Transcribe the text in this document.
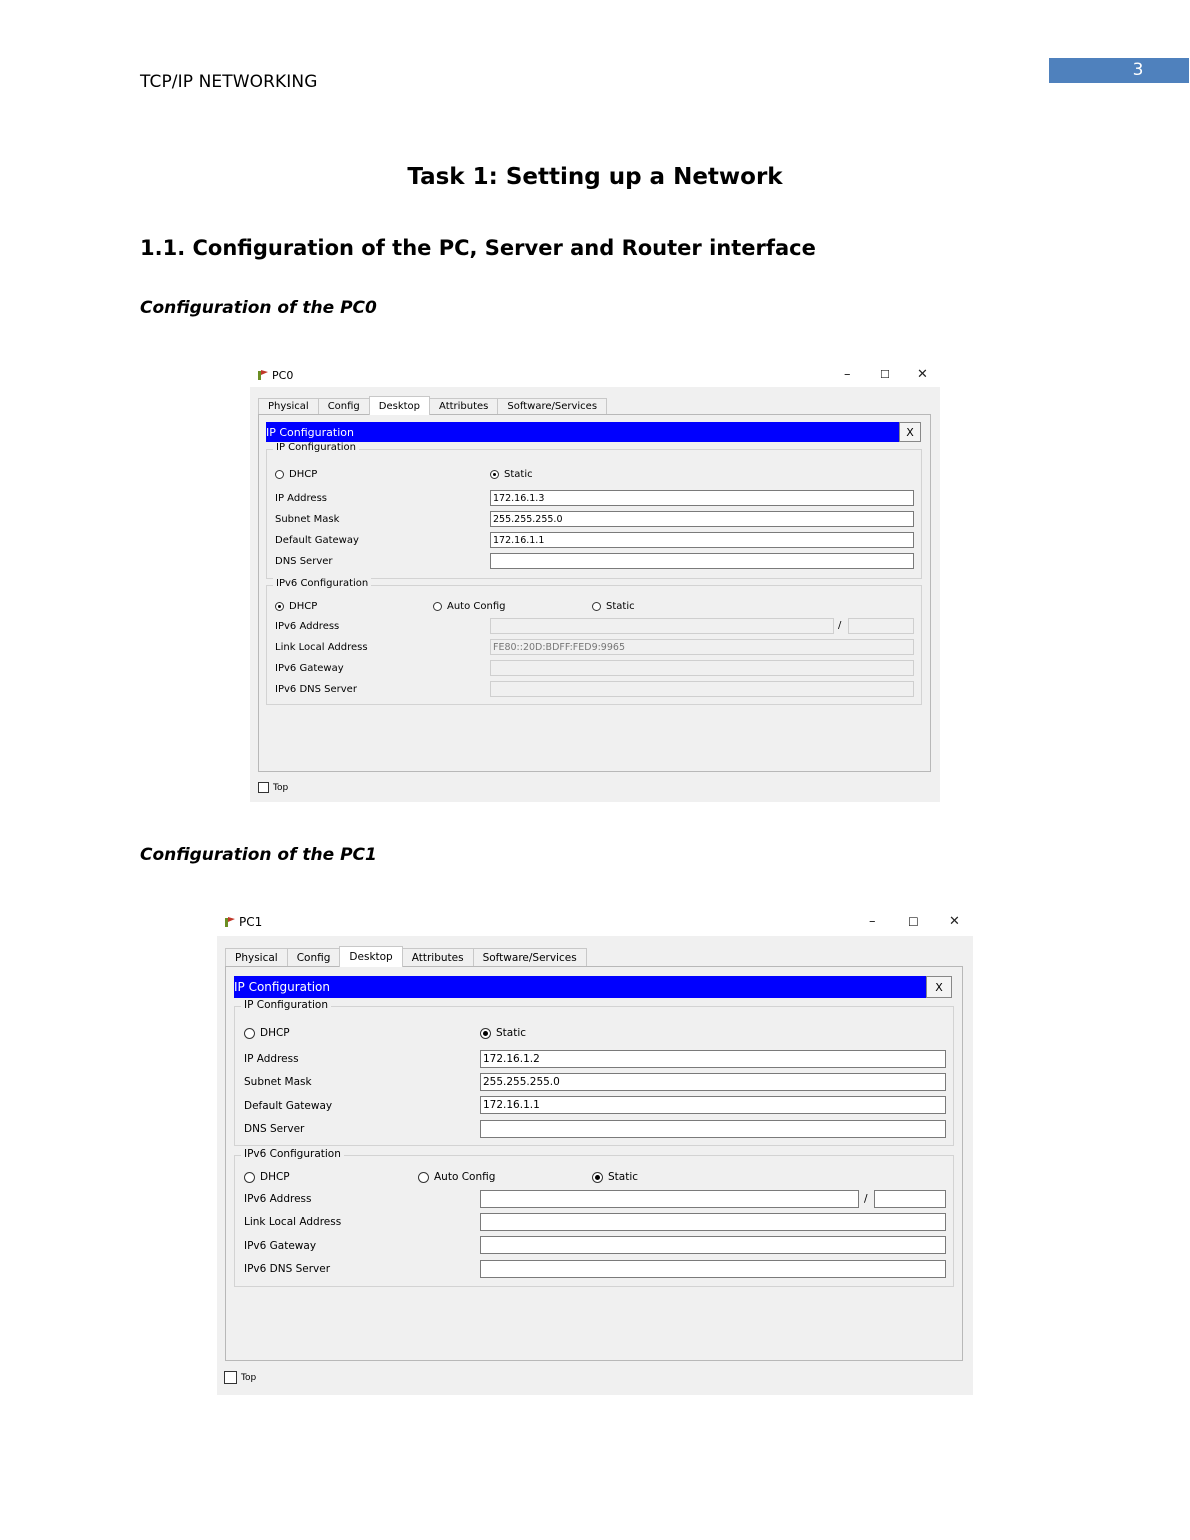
3
TCP/IP NETWORKING
Task 1: Setting up a Network
1.1. Configuration of the PC, Server and Router interface
Configuration of the PC0
PC0	–	☐ ✕
Physical	Config	Desktop	Attributes	Software/Services
IP Configuration	X
IP Configuration
DHCP	Static
IP Address	172.16.1.3
Subnet Mask	255.255.255.0
Default Gateway	172.16.1.1
DNS Server
IPv6 Configuration
DHCP	Auto Config	Static
IPv6 Address	/
Link Local Address	FE80::20D:BDFF:FED9:9965
IPv6 Gateway
IPv6 DNS Server
Top
Configuration of the PC1
PC1	–	☐ ✕
Physical	Config	Desktop	Attributes	Software/Services
IP Configuration	X
IP Configuration
DHCP	Static
IP Address	172.16.1.2
Subnet Mask	255.255.255.0
Default Gateway	172.16.1.1
DNS Server
IPv6 Configuration
DHCP	Auto Config	Static
IPv6 Address	/
Link Local Address
IPv6 Gateway
IPv6 DNS Server
Top
